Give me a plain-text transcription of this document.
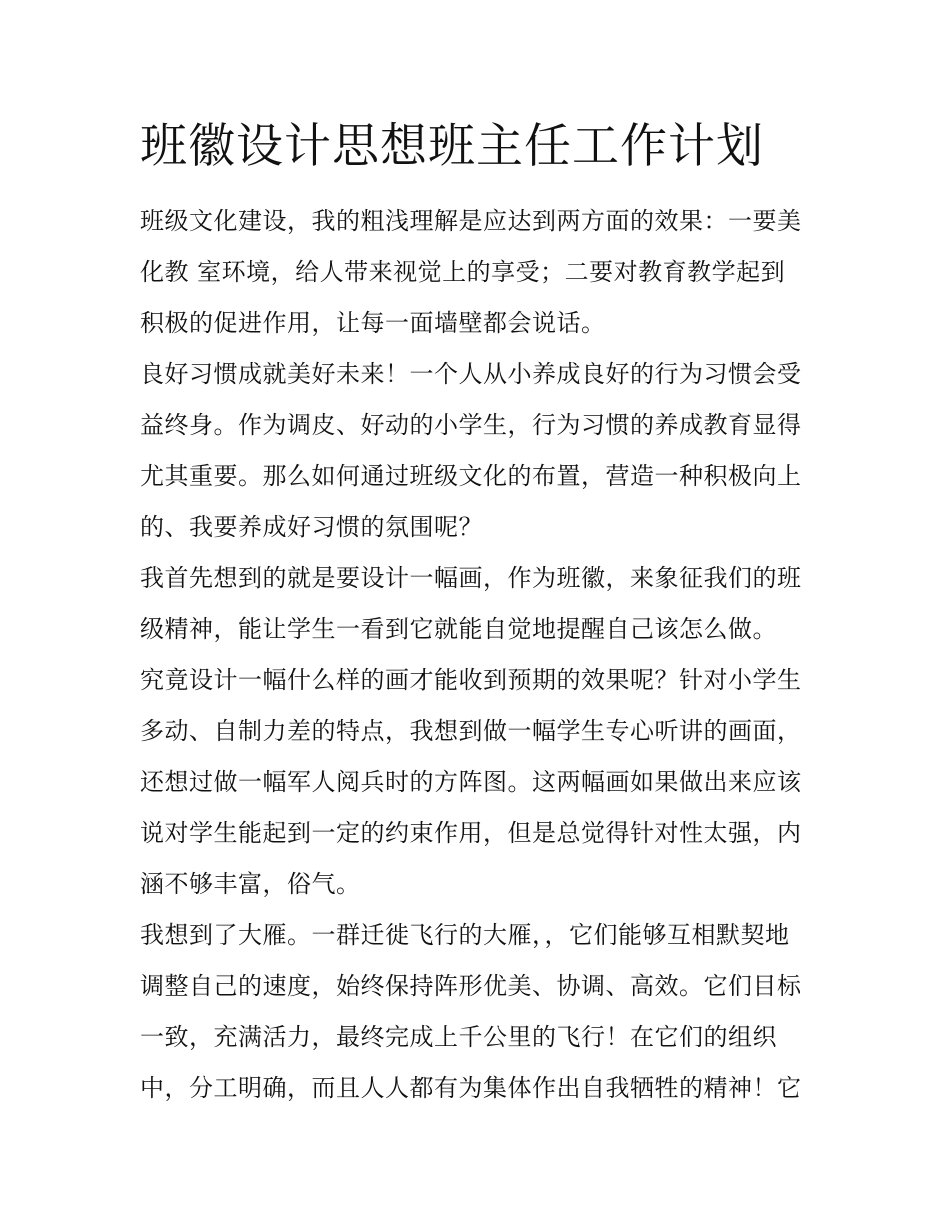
班徽设计思想班主任工作计划
班级文化建设，我的粗浅理解是应达到两方面的效果：一要美
化教 室环境，给人带来视觉上的享受；二要对教育教学起到
积极的促进作用，让每一面墙壁都会说话。
良好习惯成就美好未来！一个人从小养成良好的行为习惯会受
益终身。作为调皮、好动的小学生，行为习惯的养成教育显得
尤其重要。那么如何通过班级文化的布置，营造一种积极向上
的、我要养成好习惯的氛围呢？
我首先想到的就是要设计一幅画，作为班徽，来象征我们的班
级精神，能让学生一看到它就能自觉地提醒自己该怎么做。
究竟设计一幅什么样的画才能收到预期的效果呢？针对小学生
多动、自制力差的特点，我想到做一幅学生专心听讲的画面，
还想过做一幅军人阅兵时的方阵图。这两幅画如果做出来应该
说对学生能起到一定的约束作用，但是总觉得针对性太强，内
涵不够丰富，俗气。
我想到了大雁。一群迁徙飞行的大雁，，它们能够互相默契地
调整自己的速度，始终保持阵形优美、协调、高效。它们目标
一致，充满活力，最终完成上千公里的飞行！在它们的组织
中，分工明确，而且人人都有为集体作出自我牺牲的精神！它
